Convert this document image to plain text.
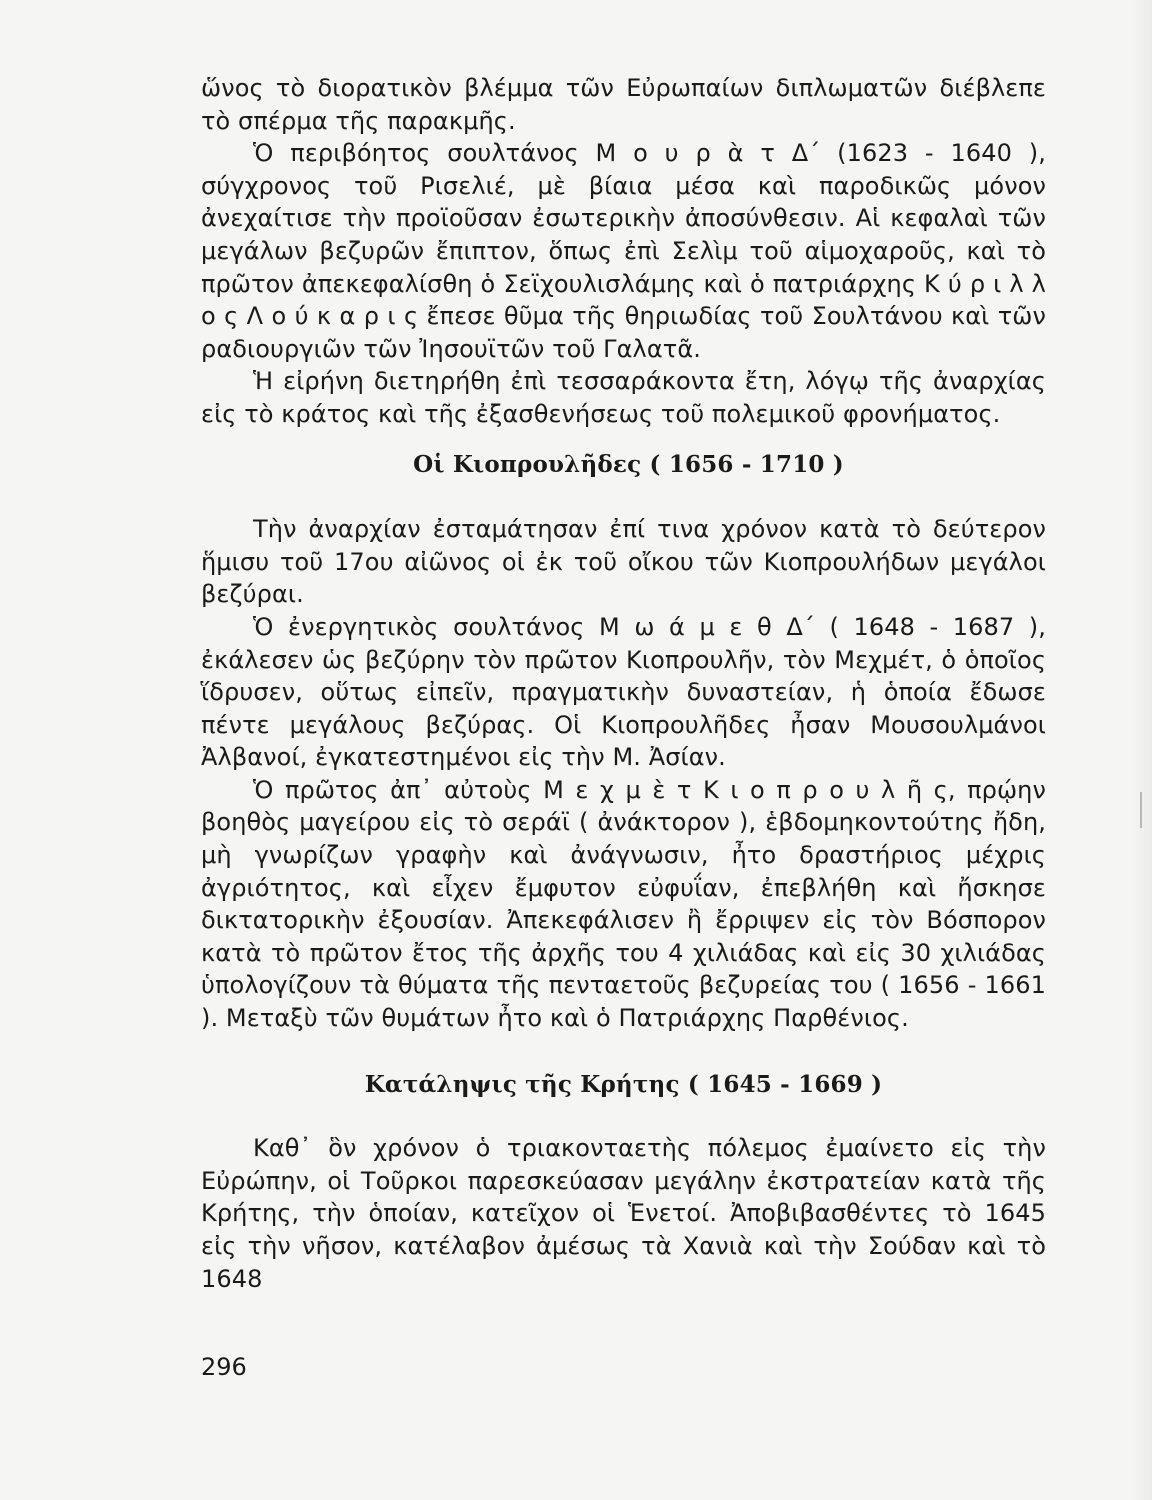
ὥνος τὸ διορατικὸν βλέμμα τῶν Εὐρωπαίων διπλωματῶν διέβλεπε τὸ σπέρμα τῆς παρακμῆς.

Ὁ περιβόητος σουλτάνος Μ ο υ ρ ὰ τ Δ΄ (1623 - 1640 ), σύγχρονος τοῦ Ρισελιέ, μὲ βίαια μέσα καὶ παροδικῶς μόνον ἀνεχαίτισε τὴν προϊοῦσαν ἐσωτερικὴν ἀποσύνθεσιν. Αἱ κεφαλαὶ τῶν μεγάλων βεζυρῶν ἔπιπτον, ὅπως ἐπὶ Σελὶμ τοῦ αἱμοχαροῦς, καὶ τὸ πρῶτον ἀπεκεφαλίσθη ὁ Σεϊχουλισλάμης καὶ ὁ πατριάρχης Κ ύ ρ ι λ λ ο ς Λ ο ύ κ α ρ ι ς ἔπεσε θῦμα τῆς θηριωδίας τοῦ Σουλτάνου καὶ τῶν ραδιουργιῶν τῶν Ἰησουϊτῶν τοῦ Γαλατᾶ.

Ἡ εἰρήνη διετηρήθη ἐπὶ τεσσαράκοντα ἔτη, λόγῳ τῆς ἀναρχίας εἰς τὸ κράτος καὶ τῆς ἐξασθενήσεως τοῦ πολεμικοῦ φρονήματος.

Οἱ Κιοπρουλῆδες ( 1656 - 1710 )

Τὴν ἀναρχίαν ἐσταμάτησαν ἐπί τινα χρόνον κατὰ τὸ δεύτερον ἥμισυ τοῦ 17ου αἰῶνος οἱ ἐκ τοῦ οἴκου τῶν Κιοπρουλήδων μεγάλοι βεζύραι.

Ὁ ἐνεργητικὸς σουλτάνος Μ ω ά μ ε θ Δ΄ ( 1648 - 1687 ), ἐκάλεσεν ὡς βεζύρην τὸν πρῶτον Κιοπρουλῆν, τὸν Μεχμέτ, ὁ ὁποῖος ἵδρυσεν, οὕτως εἰπεῖν, πραγματικὴν δυναστείαν, ἡ ὁποία ἔδωσε πέντε μεγάλους βεζύρας. Οἱ Κιοπρουλῆδες ἦσαν Μουσουλμάνοι Ἀλβανοί, ἐγκατεστημένοι εἰς τὴν Μ. Ἀσίαν.

Ὁ πρῶτος ἀπ᾽ αὐτοὺς Μ ε χ μ ὲ τ Κ ι ο π ρ ο υ λ ῆ ς, πρῴην βοηθὸς μαγείρου εἰς τὸ σεράϊ ( ἀνάκτορον ), ἑβδομηκοντούτης ἤδη, μὴ γνωρίζων γραφὴν καὶ ἀνάγνωσιν, ἦτο δραστήριος μέχρις ἀγριότητος, καὶ εἶχεν ἔμφυτον εὐφυΐαν, ἐπεβλήθη καὶ ἤσκησε δικτατορικὴν ἐξουσίαν. Ἀπεκεφάλισεν ἢ ἔρριψεν εἰς τὸν Βόσπορον κατὰ τὸ πρῶτον ἔτος τῆς ἀρχῆς του 4 χιλιάδας καὶ εἰς 30 χιλιάδας ὑπολογίζουν τὰ θύματα τῆς πενταετοῦς βεζυρείας του ( 1656 - 1661 ). Μεταξὺ τῶν θυμάτων ἦτο καὶ ὁ Πατριάρχης Παρθένιος.

Κατάληψις τῆς Κρήτης ( 1645 - 1669 )

Καθ᾽ ὃν χρόνον ὁ τριακονταετὴς πόλεμος ἐμαίνετο εἰς τὴν Εὐρώπην, οἱ Τοῦρκοι παρεσκεύασαν μεγάλην ἐκστρατείαν κατὰ τῆς Κρήτης, τὴν ὁποίαν, κατεῖχον οἱ Ἑνετοί. Ἀποβιβασθέντες τὸ 1645 εἰς τὴν νῆσον, κατέλαβον ἀμέσως τὰ Χανιὰ καὶ τὴν Σούδαν καὶ τὸ 1648

296
